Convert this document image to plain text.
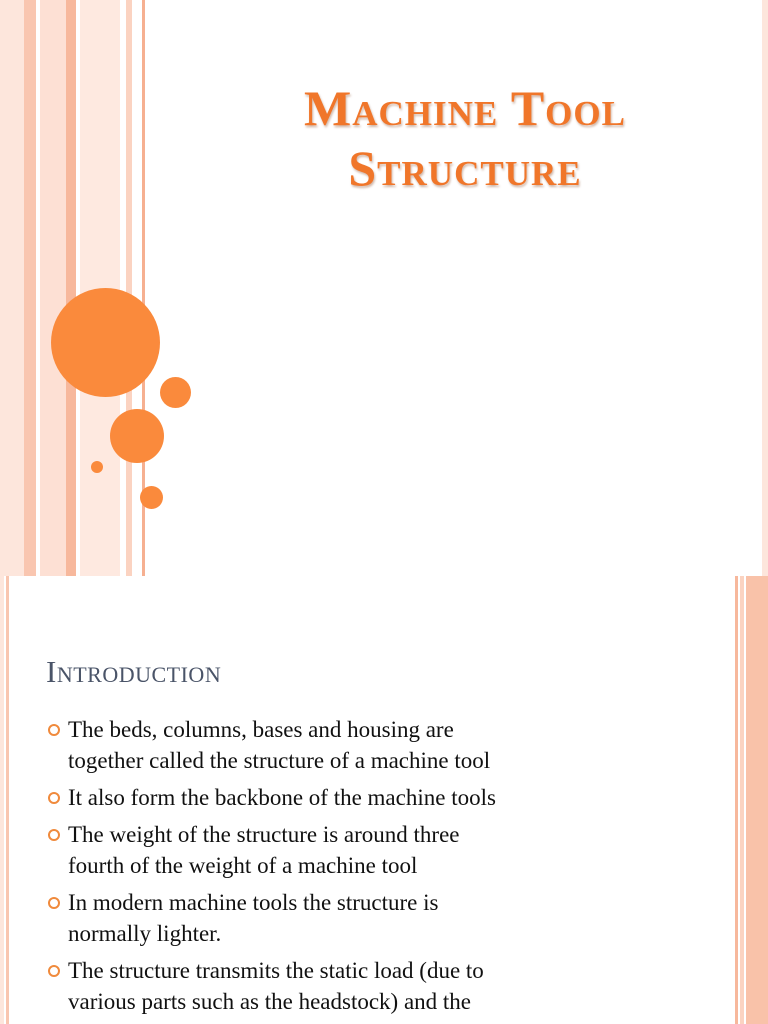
Machine Tool
Structure
Introduction
The beds, columns, bases and housing are
together called the structure of a machine tool
It also form the backbone of the machine tools
The weight of the structure is around three
fourth of the weight of a machine tool
In modern machine tools the structure is
normally lighter.
The structure transmits the static load (due to
various parts such as the headstock) and the
